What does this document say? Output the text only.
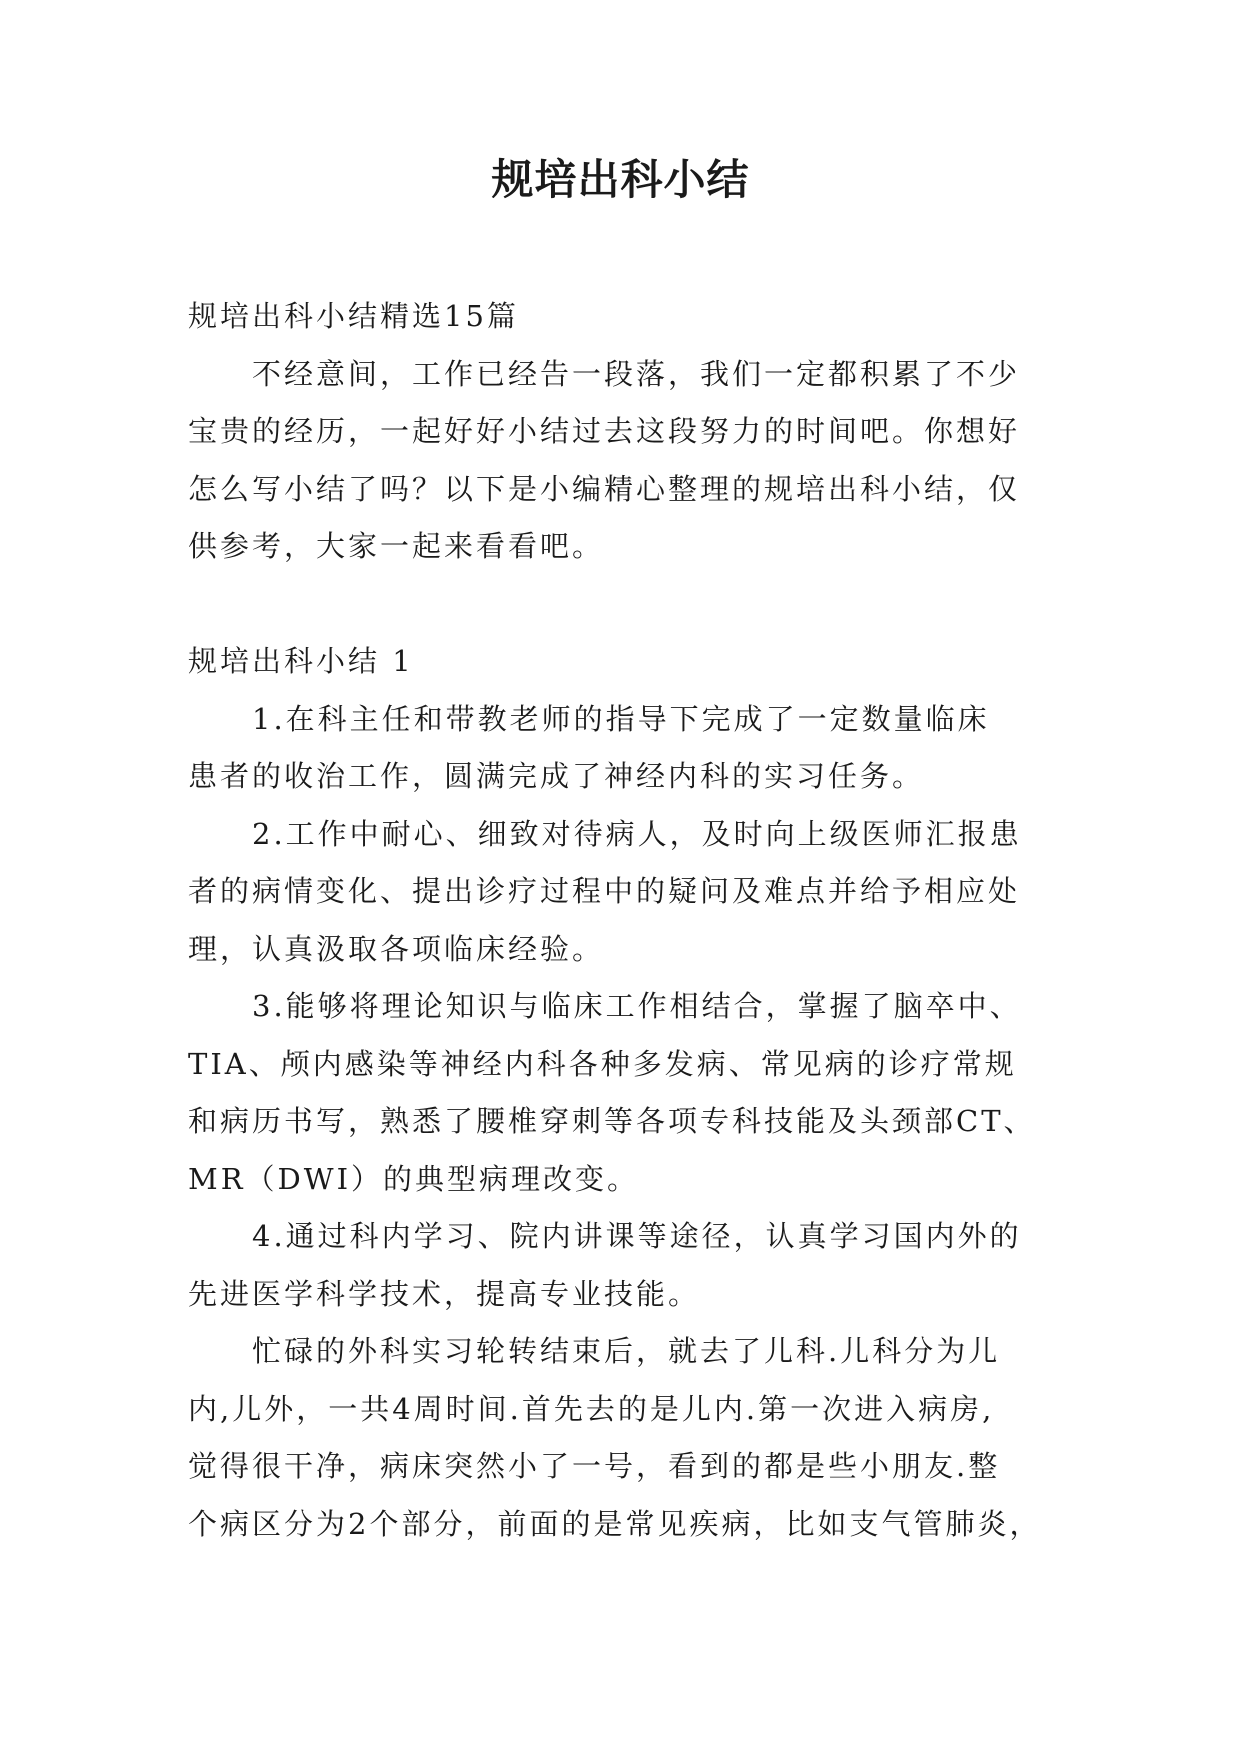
规培出科小结

规培出科小结精选15篇

　　不经意间，工作已经告一段落，我们一定都积累了不少

宝贵的经历，一起好好小结过去这段努力的时间吧。你想好

怎么写小结了吗？以下是小编精心整理的规培出科小结，仅

供参考，大家一起来看看吧。

规培出科小结 1

　　1.在科主任和带教老师的指导下完成了一定数量临床

患者的收治工作，圆满完成了神经内科的实习任务。

　　2.工作中耐心、细致对待病人，及时向上级医师汇报患

者的病情变化、提出诊疗过程中的疑问及难点并给予相应处

理，认真汲取各项临床经验。

　　3.能够将理论知识与临床工作相结合，掌握了脑卒中、

TIA、颅内感染等神经内科各种多发病、常见病的诊疗常规

和病历书写，熟悉了腰椎穿刺等各项专科技能及头颈部CT、

MR（DWI）的典型病理改变。

　　4.通过科内学习、院内讲课等途径，认真学习国内外的

先进医学科学技术，提高专业技能。

　　忙碌的外科实习轮转结束后，就去了儿科.儿科分为儿

内,儿外，一共4周时间.首先去的是儿内.第一次进入病房,

觉得很干净，病床突然小了一号，看到的都是些小朋友.整

个病区分为2个部分，前面的是常见疾病，比如支气管肺炎，
